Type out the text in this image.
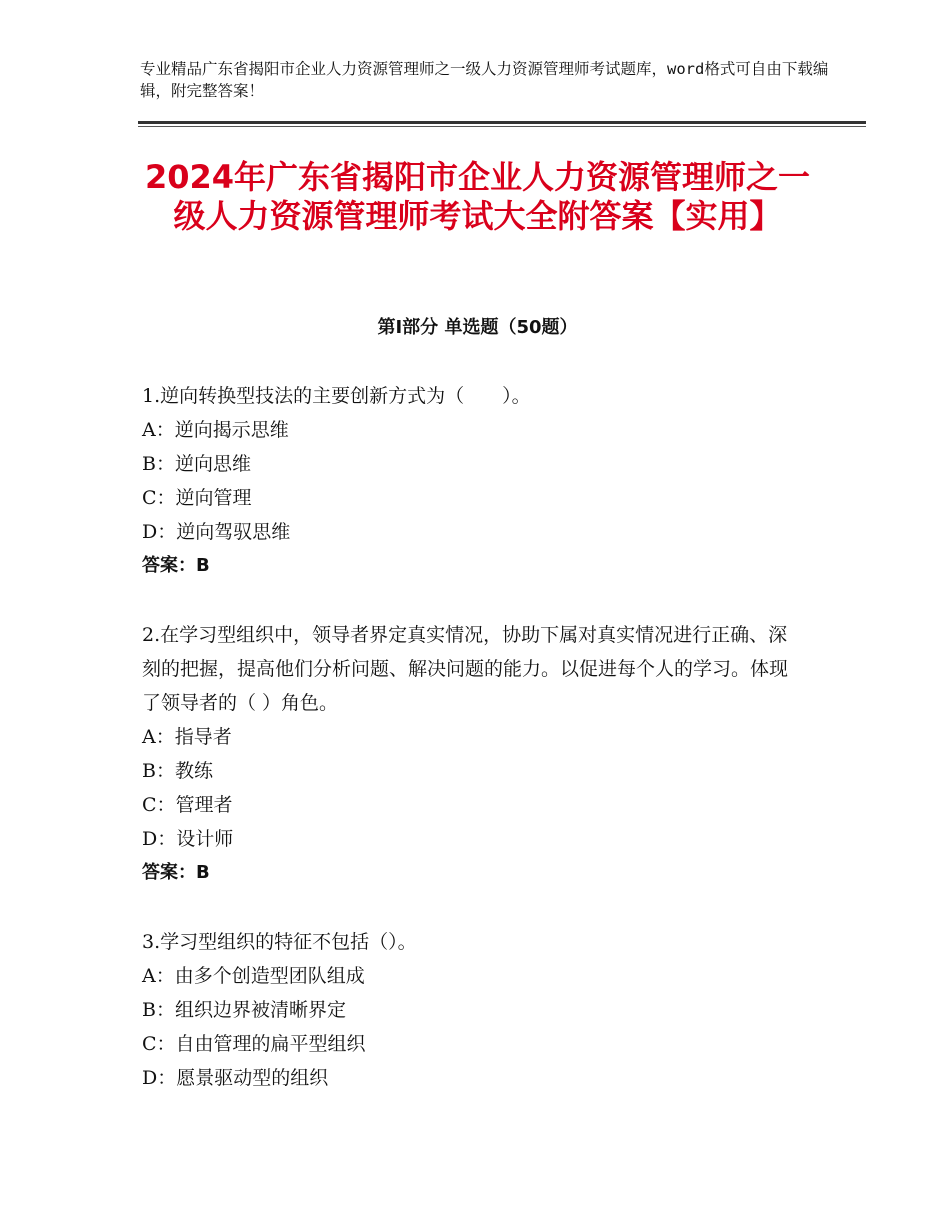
专业精品广东省揭阳市企业人力资源管理师之一级人力资源管理师考试题库，word格式可自由下载编辑，附完整答案！
2024年广东省揭阳市企业人力资源管理师之一级人力资源管理师考试大全附答案【实用】
第Ⅰ部分 单选题（50题）
1.逆向转换型技法的主要创新方式为（　　）。
A：逆向揭示思维
B：逆向思维
C：逆向管理
D：逆向驾驭思维
答案：B
2.在学习型组织中，领导者界定真实情况，协助下属对真实情况进行正确、深刻的把握，提高他们分析问题、解决问题的能力。以促进每个人的学习。体现了领导者的（ ）角色。
A：指导者
B：教练
C：管理者
D：设计师
答案：B
3.学习型组织的特征不包括（）。
A：由多个创造型团队组成
B：组织边界被清晰界定
C：自由管理的扁平型组织
D：愿景驱动型的组织
